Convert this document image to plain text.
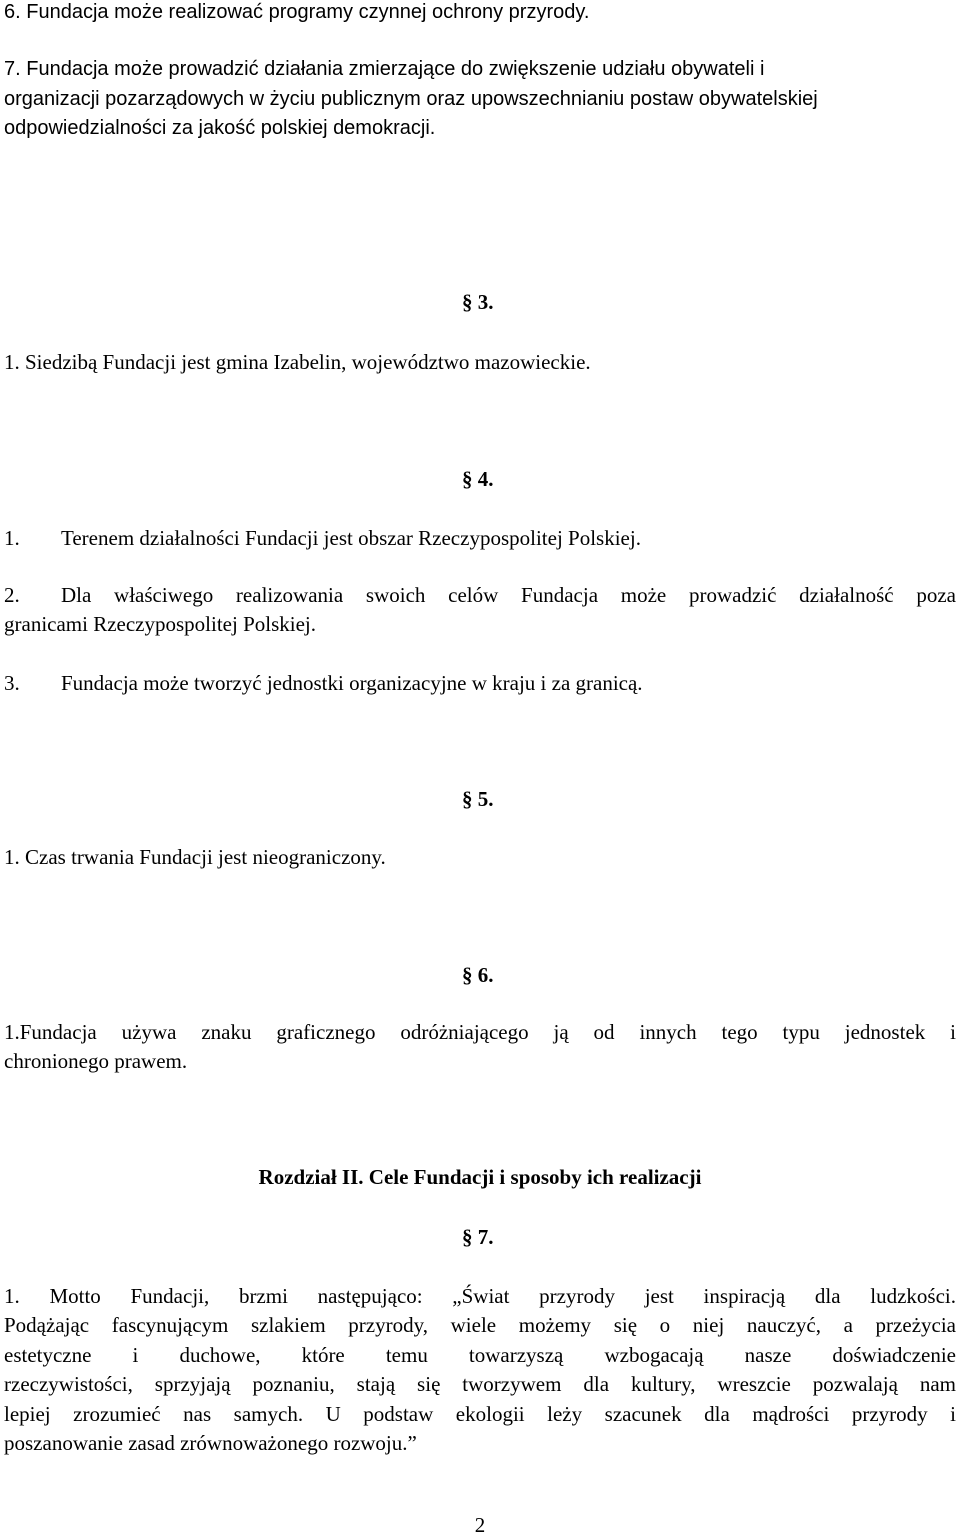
6. Fundacja może realizować programy czynnej ochrony przyrody.

7. Fundacja może prowadzić działania zmierzające do zwiększenie udziału obywateli i

organizacji pozarządowych w życiu publicznym oraz upowszechnianiu postaw obywatelskiej

odpowiedzialności za jakość polskiej demokracji.

§ 3.

1. Siedzibą Fundacji jest gmina Izabelin, województwo mazowieckie.

§ 4.
1. Terenem działalności Fundacji jest obszar Rzeczypospolitej Polskiej.
2. Dla właściwego realizowania swoich celów Fundacja może prowadzić działalność poza

granicami Rzeczypospolitej Polskiej.

3. Fundacja może tworzyć jednostki organizacyjne w kraju i za granicą.
§ 5.

1. Czas trwania Fundacji jest nieograniczony.

§ 6.
1.Fundacja używa znaku graficznego odróżniającego ją od innych tego typu jednostek i

chronionego prawem.

Rozdział II. Cele Fundacji i sposoby ich realizacji
§ 7.
1. Motto Fundacji, brzmi następująco: „Świat przyrody jest inspiracją dla ludzkości.
Podążając fascynującym szlakiem przyrody, wiele możemy się o niej nauczyć, a przeżycia
estetyczne i duchowe, które temu towarzyszą wzbogacają nasze doświadczenie
rzeczywistości, sprzyjają poznaniu, stają się tworzywem dla kultury, wreszcie pozwalają nam
lepiej zrozumieć nas samych. U podstaw ekologii leży szacunek dla mądrości przyrody i
poszanowanie zasad zrównoważonego rozwoju.”
2
